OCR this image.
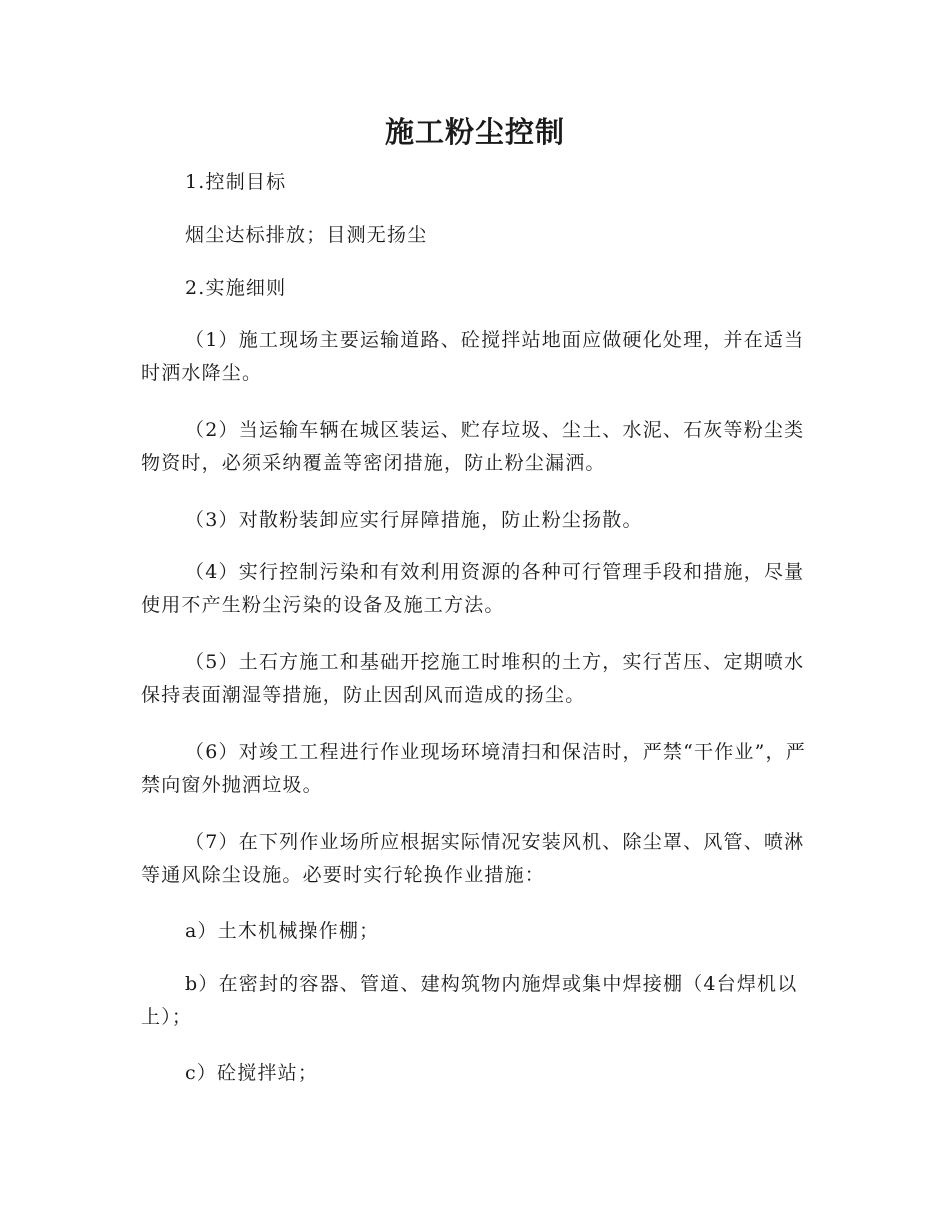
施工粉尘控制

1.控制目标

烟尘达标排放；目测无扬尘

2.实施细则

（1）施工现场主要运输道路、砼搅拌站地面应做硬化处理，并在适当时洒水降尘。

（2）当运输车辆在城区装运、贮存垃圾、尘土、水泥、石灰等粉尘类物资时，必须采纳覆盖等密闭措施，防止粉尘漏洒。

（3）对散粉装卸应实行屏障措施，防止粉尘扬散。

（4）实行控制污染和有效利用资源的各种可行管理手段和措施，尽量使用不产生粉尘污染的设备及施工方法。

（5）土石方施工和基础开挖施工时堆积的土方，实行苫压、定期喷水保持表面潮湿等措施，防止因刮风而造成的扬尘。

（6）对竣工工程进行作业现场环境清扫和保洁时，严禁“干作业”，严禁向窗外抛洒垃圾。

（7）在下列作业场所应根据实际情况安装风机、除尘罩、风管、喷淋等通风除尘设施。必要时实行轮换作业措施：

a）土木机械操作棚；

b）在密封的容器、管道、建构筑物内施焊或集中焊接棚（4台焊机以上）；

c）砼搅拌站；
